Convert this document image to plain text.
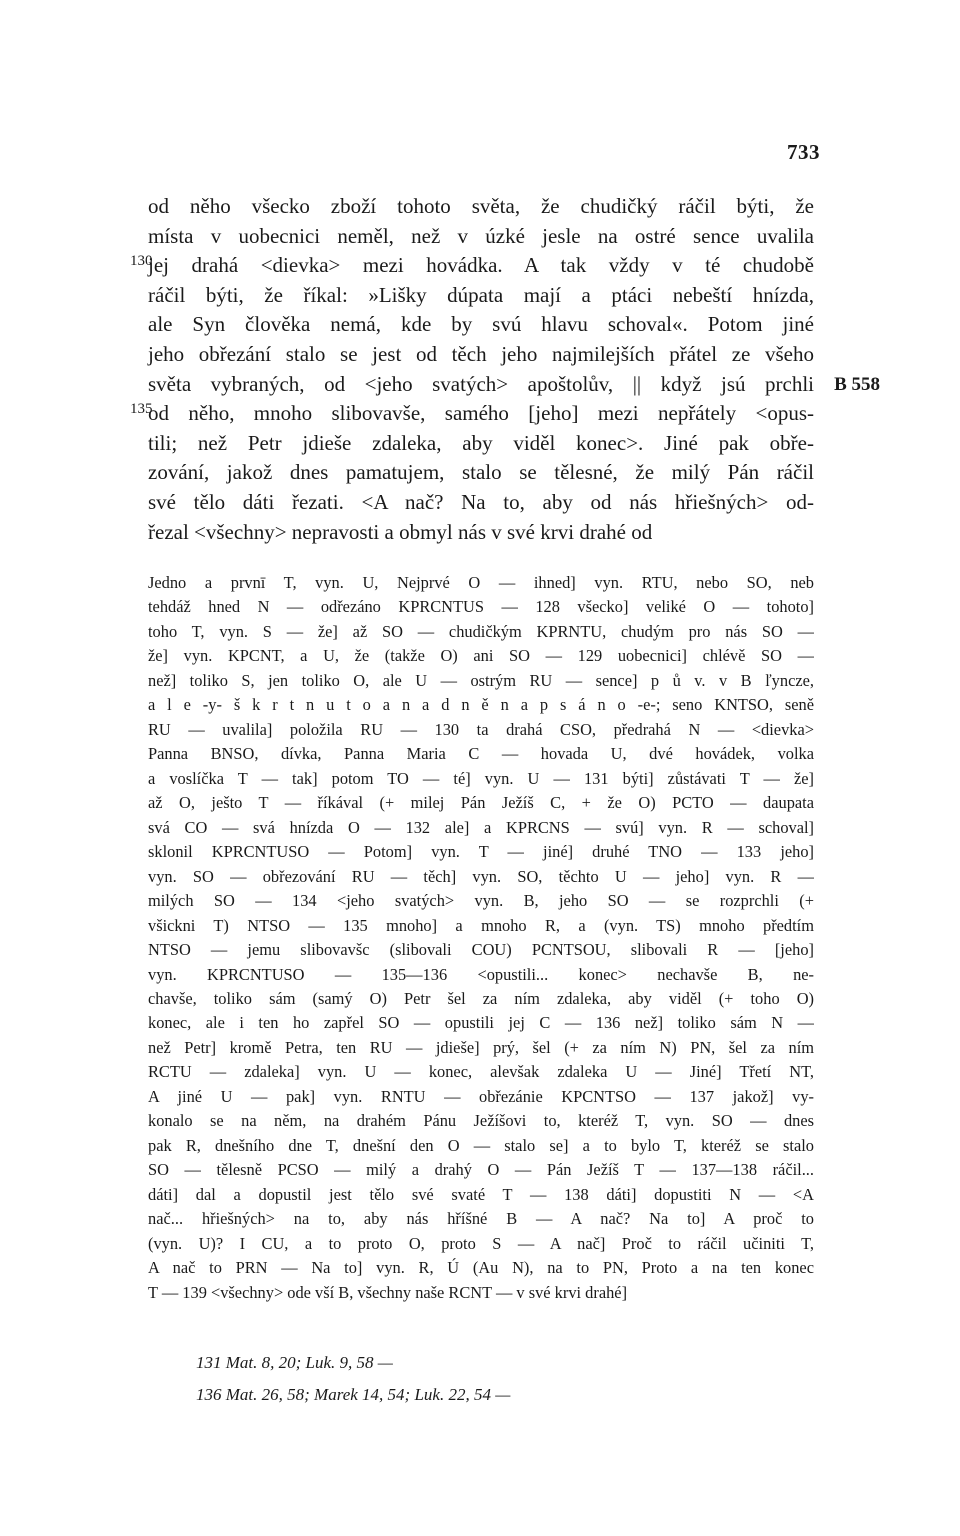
733
od něho všecko zboží tohoto světa, že chudičký ráčil býti, že
místa v uobecnici neměl, než v úzké jesle na ostré sence uvalila
jej drahá <dievka> mezi hovádka. A tak vždy v té chudobě
130
ráčil býti, že říkal: »Lišky dúpata mají a ptáci nebeští hnízda,
ale Syn člověka nemá, kde by svú hlavu schoval«. Potom jiné
jeho obřezání stalo se jest od těch jeho najmilejších přátel ze všeho
světa vybraných, od <jeho svatých> apoštolův, || když jsú prchli B 558
od něho, mnoho slibovavše, samého [jeho] mezi nepřátely <opus-
135
tili; než Petr jdieše zdaleka, aby viděl konec>. Jiné pak obře-
zování, jakož dnes pamatujem, stalo se tělesné, že milý Pán ráčil
své tělo dáti řezati. <A nač? Na to, aby od nás hřiešných> od-
řezal <všechny> nepravosti a obmyl nás v své krvi drahé od
Jedno a prvnī T, vyn. U, Nejprvé O — ihned] vyn. RTU, nebo SO, neb
tehdáž hned N — odřezáno KPRCNTUS — 128 všecko] veliké O — tohoto]
toho T, vyn. S — že] až SO — chudičkým KPRNTU, chudým pro nás SO —
že] vyn. KPCNT, a U, že (takže O) ani SO — 129 uobecnici] chlévě SO —
než] toliko S, jen toliko O, ale U — ostrým RU — sence] p ů v. v B ľyncze,
a l e -y- š k r t n u t o a n a d n ě n a p s á n o -e-; seno KNTSO, seně
RU — uvalila] položila RU — 130 ta drahá CSO, předrahá N — <dievka>
Panna BNSO, dívka, Panna Maria C — hovada U, dvé hovádek, volka
a voslíčka T — tak] potom TO — té] vyn. U — 131 býti] zůstávati T — že]
až O, ješto T — říkával (+ milej Pán Ježíš C, + že O) PCTO — daupata
svá CO — svá hnízda O — 132 ale] a KPRCNS — svú] vyn. R — schoval]
sklonil KPRCNTUSO — Potom] vyn. T — jiné] druhé TNO — 133 jeho]
vyn. SO — obřezování RU — těch] vyn. SO, těchto U — jeho] vyn. R —
milých SO — 134 <jeho svatých> vyn. B, jeho SO — se rozprchli (+
všickni T) NTSO — 135 mnoho] a mnoho R, a (vyn. TS) mnoho předtím
NTSO — jemu slibovavšc (slibovali COU) PCNTSOU, slibovali R — [jeho]
vyn. KPRCNTUSO — 135—136 <opustili... konec> nechavše B, ne-
chavše, toliko sám (samý O) Petr šel za ním zdaleka, aby viděl (+ toho O)
konec, ale i ten ho zapřel SO — opustili jej C — 136 než] toliko sám N —
než Petr] kromě Petra, ten RU — jdieše] prý, šel (+ za ním N) PN, šel za ním
RCTU — zdaleka] vyn. U — konec, alevšak zdaleka U — Jiné] Třetí NT,
A jiné U — pak] vyn. RNTU — obřezánie KPCNTSO — 137 jakož] vy-
konalo se na něm, na drahém Pánu Ježíšovi to, kteréž T, vyn. SO — dnes
pak R, dnešního dne T, dnešní den O — stalo se] a to bylo T, kteréž se stalo
SO — tělesně PCSO — milý a drahý O — Pán Ježíš T — 137—138 ráčil...
dáti] dal a dopustil jest tělo své svaté T — 138 dáti] dopustiti N — <A
nač... hřiešných> na to, aby nás hříšné B — A nač? Na to] A proč to
(vyn. U)? I CU, a to proto O, proto S — A nač] Proč to ráčil učiniti T,
A nač to PRN — Na to] vyn. R, Ú (Au N), na to PN, Proto a na ten konec
T — 139 <všechny> ode vší B, všechny naše RCNT — v své krvi drahé]
131 Mat. 8, 20; Luk. 9, 58 —
136 Mat. 26, 58; Marek 14, 54; Luk. 22, 54 —
